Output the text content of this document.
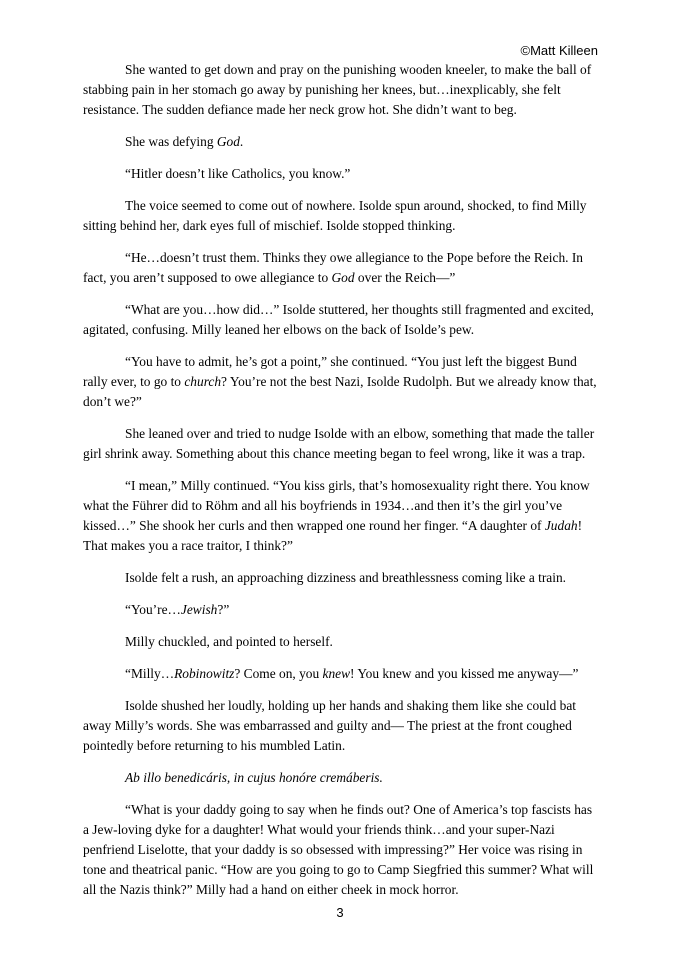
©Matt Killeen

She wanted to get down and pray on the punishing wooden kneeler, to make the ball of stabbing pain in her stomach go away by punishing her knees, but…inexplicably, she felt resistance. The sudden defiance made her neck grow hot. She didn’t want to beg.

She was defying God.

“Hitler doesn’t like Catholics, you know.”

The voice seemed to come out of nowhere. Isolde spun around, shocked, to find Milly sitting behind her, dark eyes full of mischief. Isolde stopped thinking.

“He…doesn’t trust them. Thinks they owe allegiance to the Pope before the Reich. In fact, you aren’t supposed to owe allegiance to God over the Reich—”

“What are you…how did…” Isolde stuttered, her thoughts still fragmented and excited, agitated, confusing. Milly leaned her elbows on the back of Isolde’s pew.

“You have to admit, he’s got a point,” she continued. “You just left the biggest Bund rally ever, to go to church? You’re not the best Nazi, Isolde Rudolph. But we already know that, don’t we?”

She leaned over and tried to nudge Isolde with an elbow, something that made the taller girl shrink away. Something about this chance meeting began to feel wrong, like it was a trap.

“I mean,” Milly continued. “You kiss girls, that’s homosexuality right there. You know what the Führer did to Röhm and all his boyfriends in 1934…and then it’s the girl you’ve kissed…” She shook her curls and then wrapped one round her finger. “A daughter of Judah! That makes you a race traitor, I think?”

Isolde felt a rush, an approaching dizziness and breathlessness coming like a train.

“You’re…Jewish?”

Milly chuckled, and pointed to herself.

“Milly…Robinowitz? Come on, you knew! You knew and you kissed me anyway—”

Isolde shushed her loudly, holding up her hands and shaking them like she could bat away Milly’s words. She was embarrassed and guilty and— The priest at the front coughed pointedly before returning to his mumbled Latin.

Ab illo benedicáris, in cujus honóre cremáberis.

“What is your daddy going to say when he finds out? One of America’s top fascists has a Jew-loving dyke for a daughter! What would your friends think…and your super-Nazi penfriend Liselotte, that your daddy is so obsessed with impressing?” Her voice was rising in tone and theatrical panic. “How are you going to go to Camp Siegfried this summer? What will all the Nazis think?” Milly had a hand on either cheek in mock horror.

3
